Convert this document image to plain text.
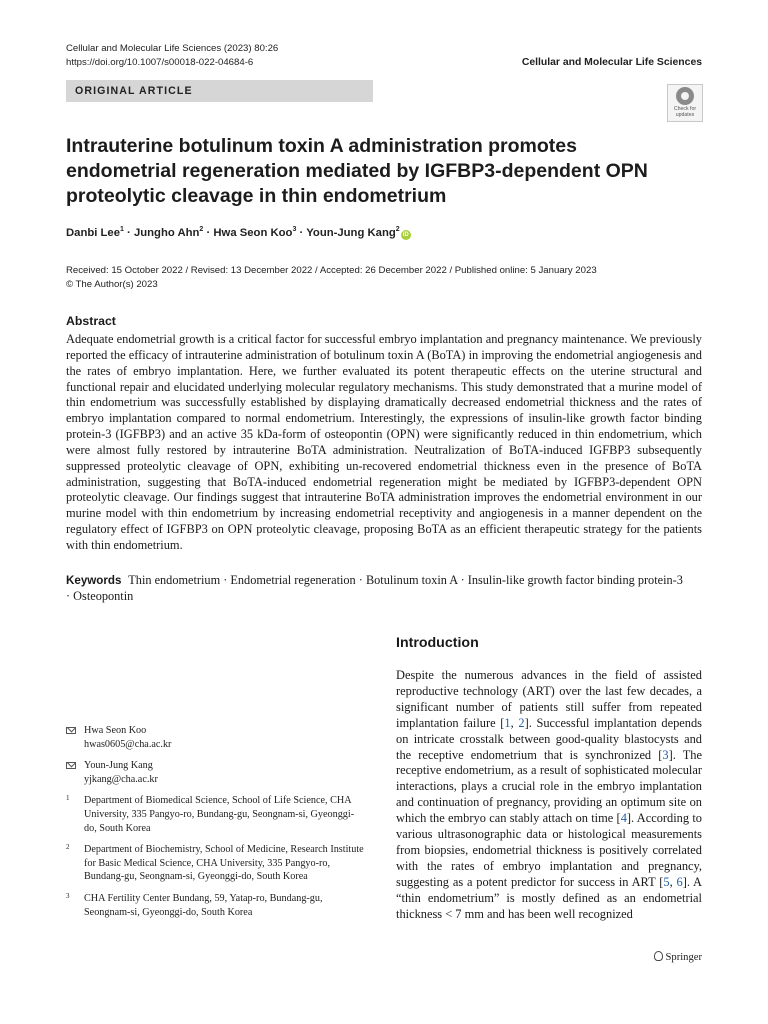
Cellular and Molecular Life Sciences (2023) 80:26
https://doi.org/10.1007/s00018-022-04684-6	Cellular and Molecular Life Sciences
ORIGINAL ARTICLE
Check for
updates
Intrauterine botulinum toxin A administration promotes endometrial regeneration mediated by IGFBP3-dependent OPN proteolytic cleavage in thin endometrium
Danbi Lee$^1$ · Jungho Ahn$^2$ · Hwa Seon Koo$^3$ · Youn-Jung Kang$^2$iD
Received: 15 October 2022 / Revised: 13 December 2022 / Accepted: 26 December 2022 / Published online: 5 January 2023
© The Author(s) 2023
Abstract

Adequate endometrial growth is a critical factor for successful embryo implantation and pregnancy maintenance. We previously reported the efficacy of intrauterine administration of botulinum toxin A (BoTA) in improving the endometrial angiogenesis and the rates of embryo implantation. Here, we further evaluated its potent therapeutic effects on the uterine structural and functional repair and elucidated underlying molecular regulatory mechanisms. This study demonstrated that a murine model of thin endometrium was successfully established by displaying dramatically decreased endometrial thickness and the rates of embryo implantation compared to normal endometrium. Interestingly, the expressions of insulin-like growth factor binding protein-3 (IGFBP3) and an active 35 kDa-form of osteopontin (OPN) were significantly reduced in thin endometrium, which were almost fully restored by intrauterine BoTA administration. Neutralization of BoTA-induced IGFBP3 subsequently suppressed proteolytic cleavage of OPN, exhibiting un-recovered endometrial thickness even in the presence of BoTA administration, suggesting that BoTA-induced endometrial regeneration might be mediated by IGFBP3-dependent OPN proteolytic cleavage. Our findings suggest that intrauterine BoTA administration improves the endometrial environment in our murine model with thin endometrium by increasing endometrial receptivity and angiogenesis in a manner dependent on the regulatory effect of IGFBP3 on OPN proteolytic cleavage, proposing BoTA as an efficient therapeutic strategy for the patients with thin endometrium.

Keywords Thin endometrium · Endometrial regeneration · Botulinum toxin A · Insulin-like growth factor binding protein-3 · Osteopontin
Introduction

Despite the numerous advances in the field of assisted reproductive technology (ART) over the last few decades, a significant number of patients still suffer from repeated implantation failure [1, 2]. Successful implantation depends on intricate crosstalk between good-quality blastocysts and the receptive endometrium that is synchronized [3]. The receptive endometrium, as a result of sophisticated molecular interactions, plays a crucial role in the embryo implantation and continuation of pregnancy, providing an optimum site on which the embryo can stably attach on time [4]. According to various ultrasonographic data or histological measurements from biopsies, endometrial thickness is positively correlated with the rates of embryo implantation and pregnancy, suggesting as a potent predictor for success in ART [5, 6]. A “thin endometrium” is mostly defined as an endometrial thickness < 7 mm and has been well recognized

Hwa Seon Koo
hwas0605@cha.ac.kr
Youn-Jung Kang
yjkang@cha.ac.kr
1 Department of Biomedical Science, School of Life Science, CHA University, 335 Pangyo-ro, Bundang-gu, Seongnam-si, Gyeonggi-do, South Korea
2 Department of Biochemistry, School of Medicine, Research Institute for Basic Medical Science, CHA University, 335 Pangyo-ro, Bundang-gu, Seongnam-si, Gyeonggi-do, South Korea
3 CHA Fertility Center Bundang, 59, Yatap-ro, Bundang-gu, Seongnam-si, Gyeonggi-do, South Korea
Springer
